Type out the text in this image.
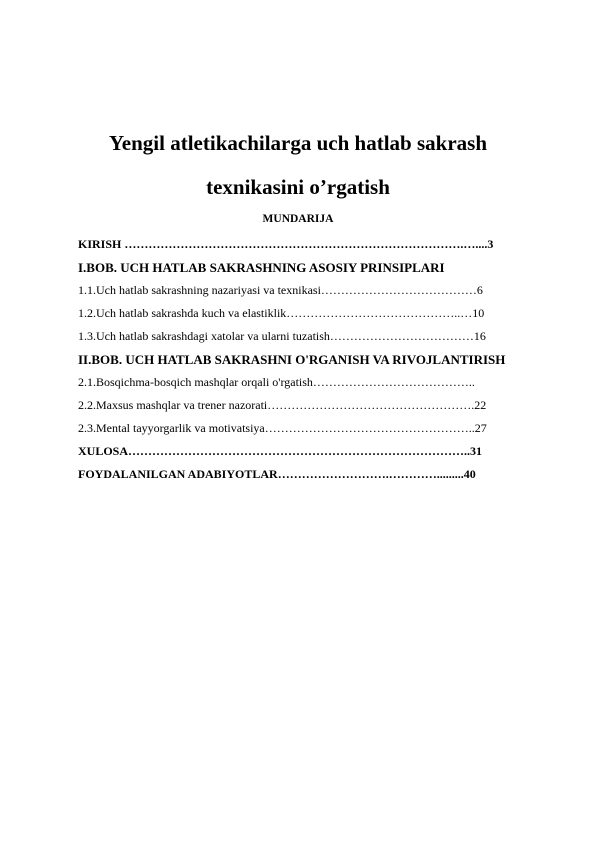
Yengil atletikachilarga uch hatlab sakrash
texnikasini o’rgatish
MUNDARIJA
KIRISH ………………………………………………………………………….…....3
I.BOB. UCH HATLAB SAKRASHNING ASOSIY PRINSIPLARI
1.1.Uch hatlab sakrashning nazariyasi va texnikasi…………………………………6
1.2.Uch hatlab sakrashda kuch va elastiklik……………………………………..…10
1.3.Uch hatlab sakrashdagi xatolar va ularni tuzatish………………………………16
II.BOB. UCH HATLAB SAKRASHNI O'RGANISH VA RIVOJLANTIRISH
2.1.Bosqichma-bosqich mashqlar orqali o'rgatish…………………………………..
2.2.Maxsus mashqlar va trener nazorati…………………………………………….22
2.3.Mental tayyorgarlik va motivatsiya……………………………………………..27
XULOSA…………………………………………………………………………..31
FOYDALANILGAN ADABIYOTLAR……………………….………….........40
